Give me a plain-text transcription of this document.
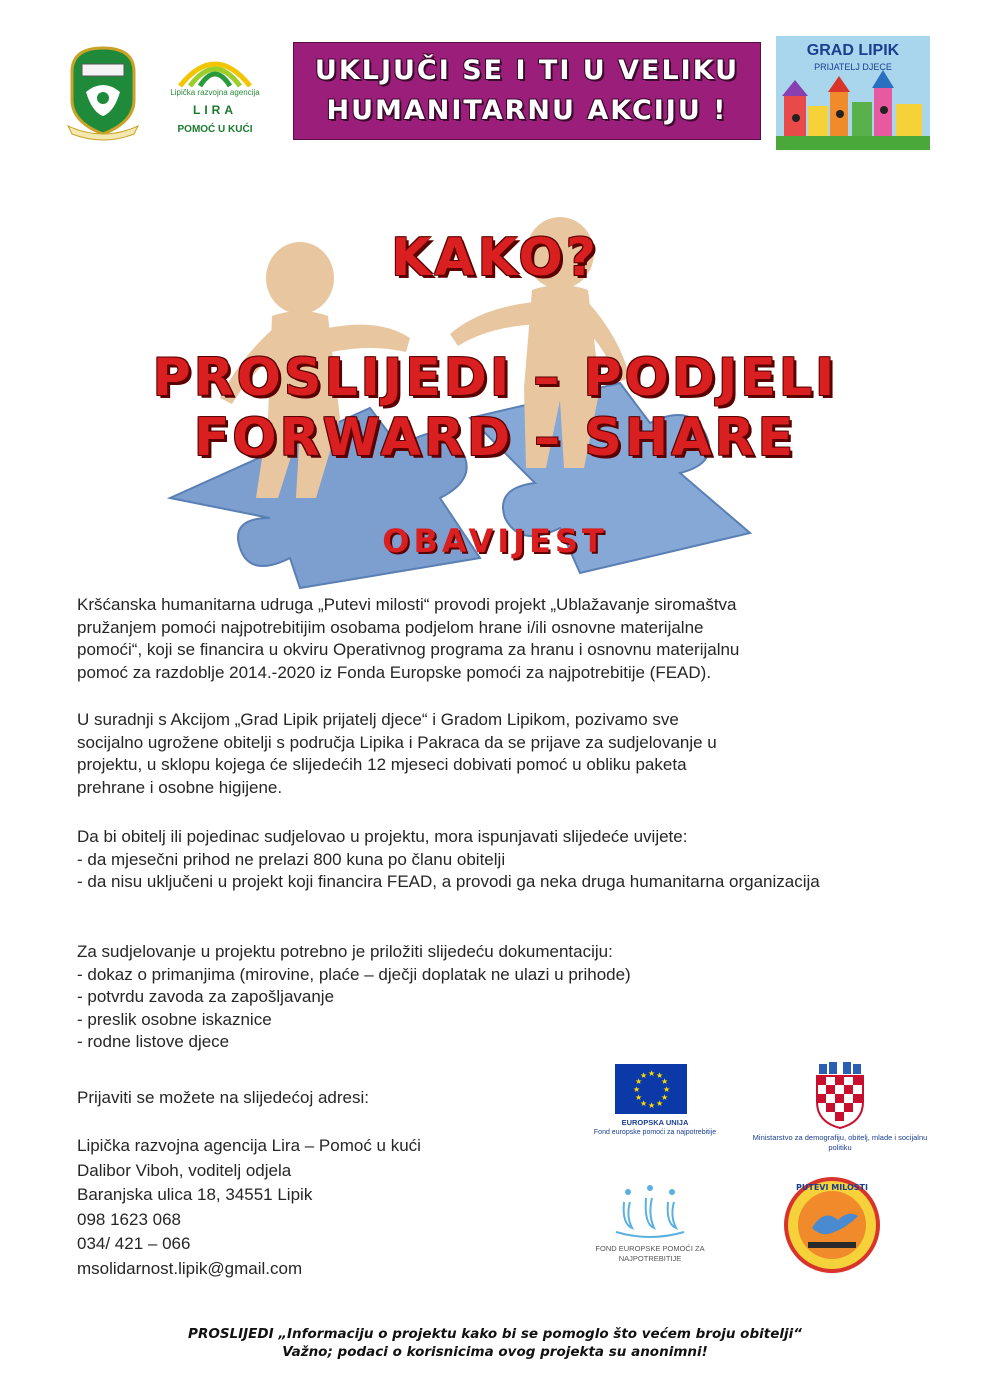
Lipička razvojna agencija
LIRA
POMOĆ U KUĆI
UKLJUČI SE I TI U VELIKU
HUMANITARNU AKCIJU !
GRAD LIPIK
PRIJATELJ DJECE
KAKO?
PROSLIJEDI – PODJELI
FORWARD – SHARE
OBAVIJEST
Kršćanska humanitarna udruga „Putevi milosti“ provodi projekt „Ublažavanje siromaštva
pružanjem pomoći najpotrebitijim osobama podjelom hrane i/ili osnovne materijalne
pomoći“, koji se financira u okviru Operativnog programa za hranu i osnovnu materijalnu
pomoć za razdoblje 2014.-2020 iz Fonda Europske pomoći za najpotrebitije (FEAD).
U suradnji s Akcijom „Grad Lipik prijatelj djece“ i Gradom Lipikom, pozivamo sve
socijalno ugrožene obitelji s područja Lipika i Pakraca da se prijave za sudjelovanje u
projektu, u sklopu kojega će slijedećih 12 mjeseci dobivati pomoć u obliku paketa
prehrane i osobne higijene.
Da bi obitelj ili pojedinac sudjelovao u projektu, mora ispunjavati slijedeće uvijete:
- da mjesečni prihod ne prelazi 800 kuna po članu obitelji
- da nisu uključeni u projekt koji financira FEAD, a provodi ga neka druga humanitarna organizacija
Za sudjelovanje u projektu potrebno je priložiti slijedeću dokumentaciju:
- dokaz o primanjima (mirovine, plaće – dječji doplatak ne ulazi u prihode)
- potvrdu zavoda za zapošljavanje
- preslik osobne iskaznice
- rodne listove djece
Prijaviti se možete na slijedećoj adresi:
Lipička razvojna agencija Lira – Pomoć u kući
Dalibor Viboh, voditelj odjela
Baranjska ulica 18, 34551 Lipik
098 1623 068
034/ 421 – 066
msolidarnost.lipik@gmail.com
★ ★
★
★
★
★
★
★
★
★
★
★
EUROPSKA UNIJA
Fond europske pomoći za najpotrebitije
Ministarstvo za demografiju, obitelj, mlade i socijalnu politiku
FOND EUROPSKE POMOĆI ZA NAJPOTREBITIJE
PUTEVI MILOSTI
PROSLIJEDI „Informaciju o projektu kako bi se pomoglo što većem broju obitelji“
Važno; podaci o korisnicima ovog projekta su anonimni!
